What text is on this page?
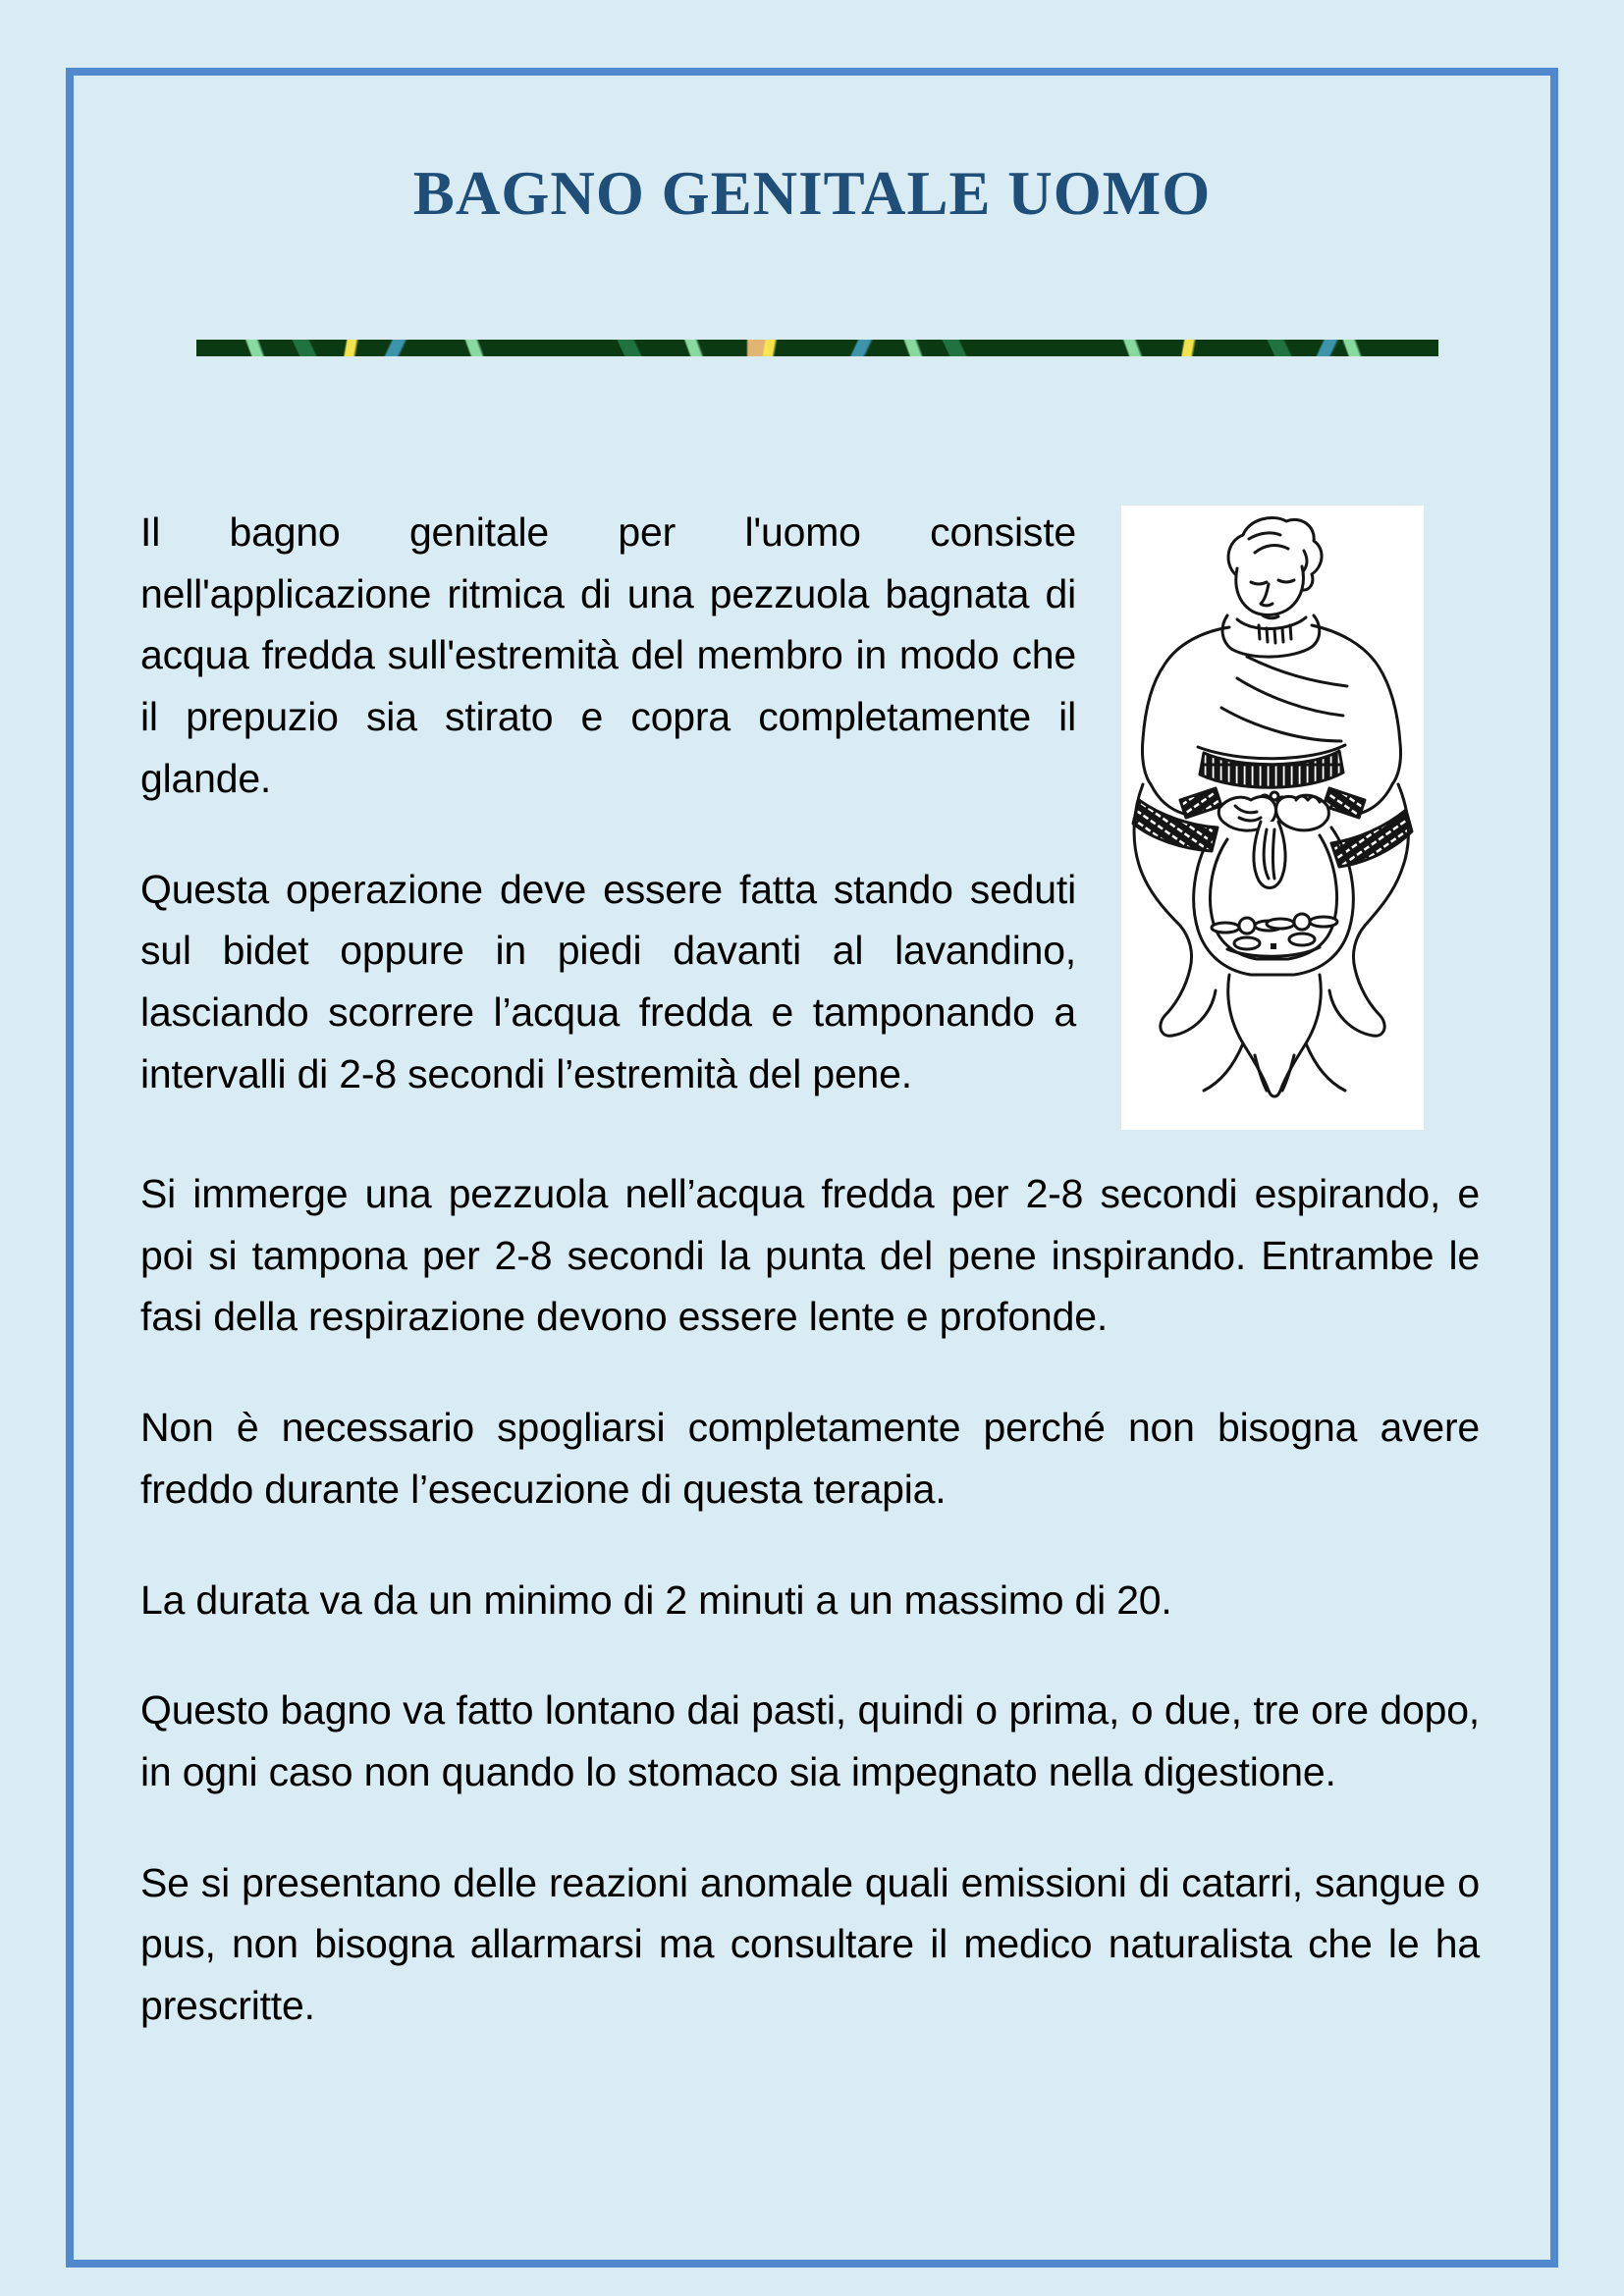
BAGNO GENITALE UOMO

Il bagno genitale per l'uomo consiste nell'applicazione ritmica di una pezzuola bagnata di acqua fredda sull'estremità del membro in modo che il prepuzio sia stirato e copra completamente il glande.

Questa operazione deve essere fatta stando seduti sul bidet oppure in piedi davanti al lavandino, lasciando scorrere l’acqua fredda e tamponando a intervalli di 2-8 secondi l’estremità del pene.

Si immerge una pezzuola nell’acqua fredda per 2-8 secondi espirando, e poi si tampona per 2-8 secondi la punta del pene inspirando. Entrambe le fasi della respirazione devono essere lente e profonde.

Non è necessario spogliarsi completamente perché non bisogna avere freddo durante l’esecuzione di questa terapia.

La durata va da un minimo di 2 minuti a un massimo di 20.

Questo bagno va fatto lontano dai pasti, quindi o prima, o due, tre ore dopo, in ogni caso non quando lo stomaco sia impegnato nella digestione.

Se si presentano delle reazioni anomale quali emissioni di catarri, sangue o pus, non bisogna allarmarsi ma consultare il medico naturalista che le ha prescritte.
